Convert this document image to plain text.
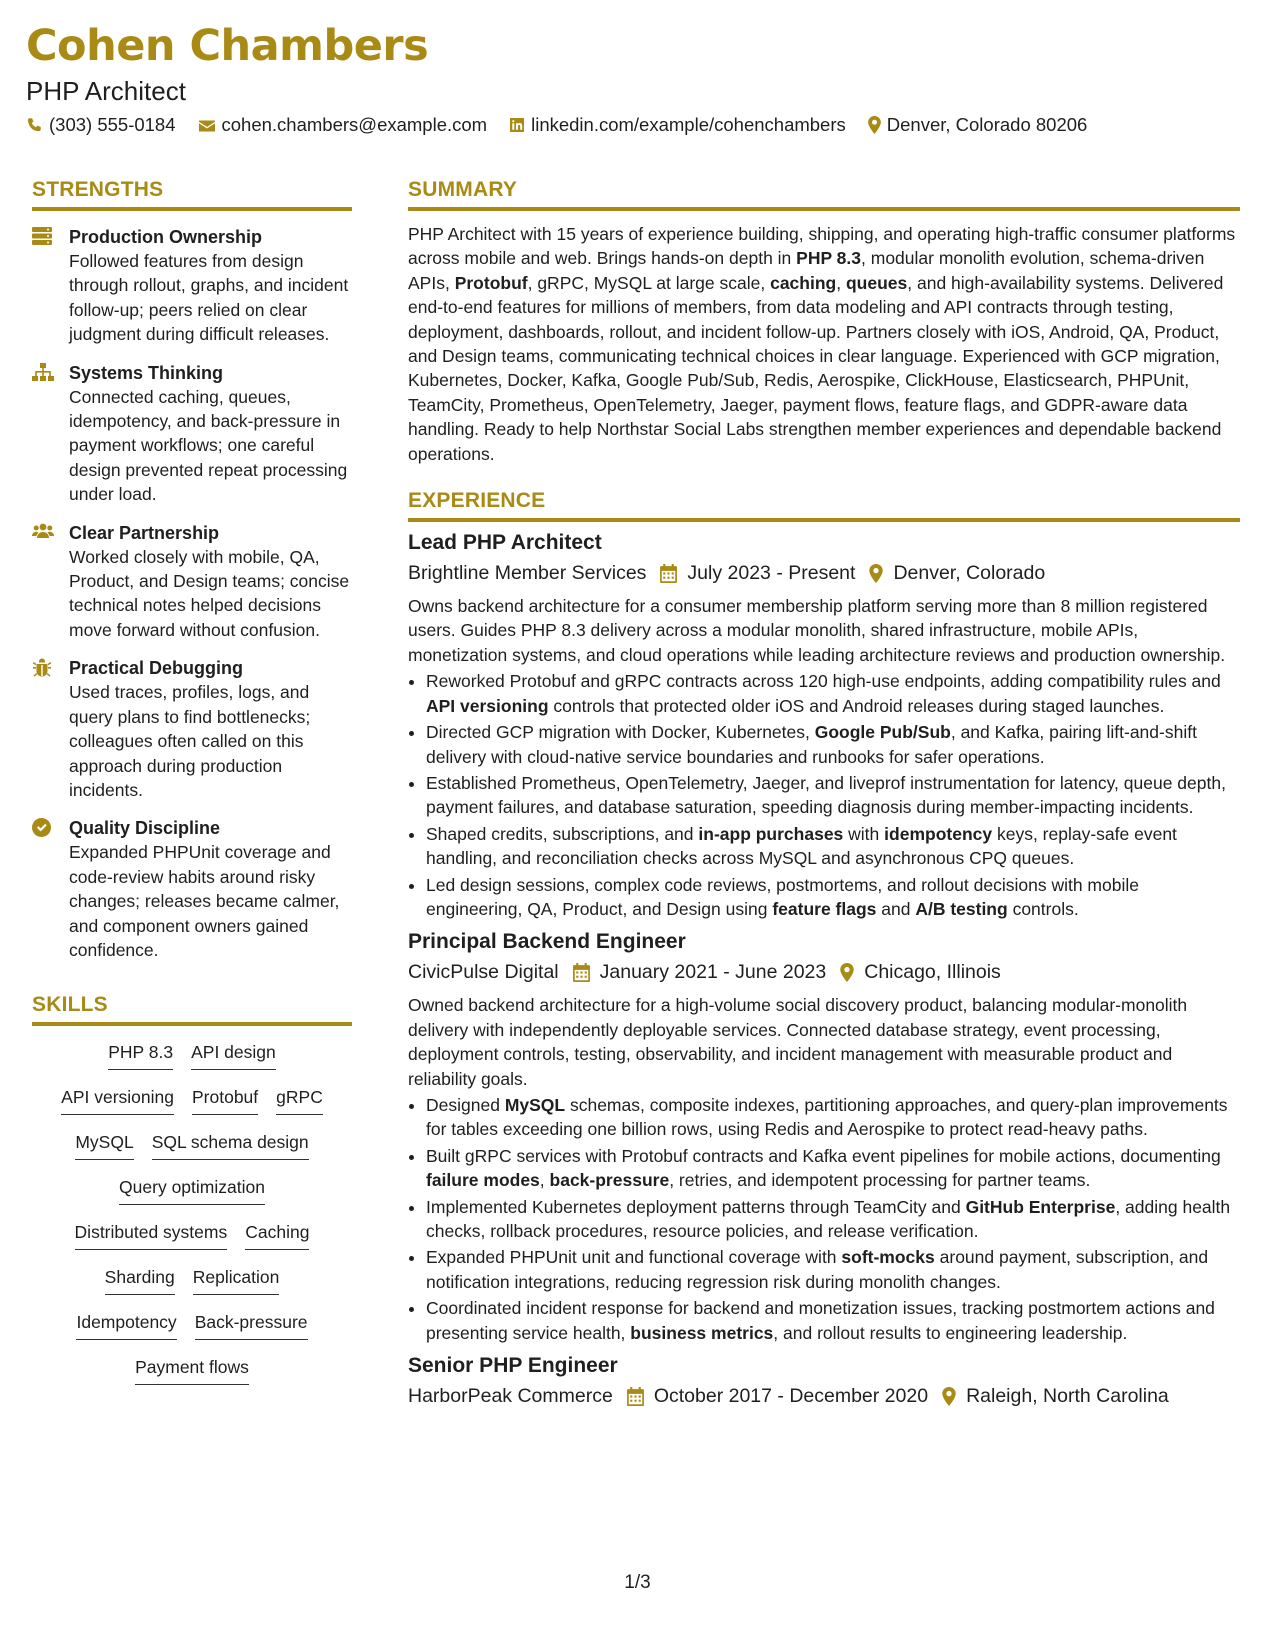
Cohen Chambers
PHP Architect
(303) 555-0184 cohen.chambers@example.com linkedin.com/example/cohenchambers Denver, Colorado 80206
STRENGTHS
Production Ownership
Followed features from design through rollout, graphs, and incident follow-up; peers relied on clear judgment during difficult releases.
Systems Thinking
Connected caching, queues, idempotency, and back-pressure in payment workflows; one careful design prevented repeat processing under load.
Clear Partnership
Worked closely with mobile, QA, Product, and Design teams; concise technical notes helped decisions move forward without confusion.
Practical Debugging
Used traces, profiles, logs, and query plans to find bottlenecks; colleagues often called on this approach during production incidents.
Quality Discipline
Expanded PHPUnit coverage and code-review habits around risky changes; releases became calmer, and component owners gained confidence.
SKILLS
PHP 8.3 API design
API versioning Protobuf gRPC
MySQL SQL schema design
Query optimization
Distributed systems Caching
Sharding Replication
Idempotency Back-pressure
Payment flows
SUMMARY
PHP Architect with 15 years of experience building, shipping, and operating high-traffic consumer platforms across mobile and web. Brings hands-on depth in PHP 8.3, modular monolith evolution, schema-driven APIs, Protobuf, gRPC, MySQL at large scale, caching, queues, and high-availability systems. Delivered end-to-end features for millions of members, from data modeling and API contracts through testing, deployment, dashboards, rollout, and incident follow-up. Partners closely with iOS, Android, QA, Product, and Design teams, communicating technical choices in clear language. Experienced with GCP migration, Kubernetes, Docker, Kafka, Google Pub/Sub, Redis, Aerospike, ClickHouse, Elasticsearch, PHPUnit, TeamCity, Prometheus, OpenTelemetry, Jaeger, payment flows, feature flags, and GDPR-aware data handling. Ready to help Northstar Social Labs strengthen member experiences and dependable backend operations.
EXPERIENCE
Lead PHP Architect
Brightline Member Services July 2023 - Present Denver, Colorado
Owns backend architecture for a consumer membership platform serving more than 8 million registered users. Guides PHP 8.3 delivery across a modular monolith, shared infrastructure, mobile APIs, monetization systems, and cloud operations while leading architecture reviews and production ownership.
• Reworked Protobuf and gRPC contracts across 120 high-use endpoints, adding compatibility rules and API versioning controls that protected older iOS and Android releases during staged launches.
• Directed GCP migration with Docker, Kubernetes, Google Pub/Sub, and Kafka, pairing lift-and-shift delivery with cloud-native service boundaries and runbooks for safer operations.
• Established Prometheus, OpenTelemetry, Jaeger, and liveprof instrumentation for latency, queue depth, payment failures, and database saturation, speeding diagnosis during member-impacting incidents.
• Shaped credits, subscriptions, and in-app purchases with idempotency keys, replay-safe event handling, and reconciliation checks across MySQL and asynchronous CPQ queues.
• Led design sessions, complex code reviews, postmortems, and rollout decisions with mobile engineering, QA, Product, and Design using feature flags and A/B testing controls.
Principal Backend Engineer
CivicPulse Digital January 2021 - June 2023 Chicago, Illinois
Owned backend architecture for a high-volume social discovery product, balancing modular-monolith delivery with independently deployable services. Connected database strategy, event processing, deployment controls, testing, observability, and incident management with measurable product and reliability goals.
• Designed MySQL schemas, composite indexes, partitioning approaches, and query-plan improvements for tables exceeding one billion rows, using Redis and Aerospike to protect read-heavy paths.
• Built gRPC services with Protobuf contracts and Kafka event pipelines for mobile actions, documenting failure modes, back-pressure, retries, and idempotent processing for partner teams.
• Implemented Kubernetes deployment patterns through TeamCity and GitHub Enterprise, adding health checks, rollback procedures, resource policies, and release verification.
• Expanded PHPUnit unit and functional coverage with soft-mocks around payment, subscription, and notification integrations, reducing regression risk during monolith changes.
• Coordinated incident response for backend and monetization issues, tracking postmortem actions and presenting service health, business metrics, and rollout results to engineering leadership.
Senior PHP Engineer
HarborPeak Commerce October 2017 - December 2020 Raleigh, North Carolina
1/3
